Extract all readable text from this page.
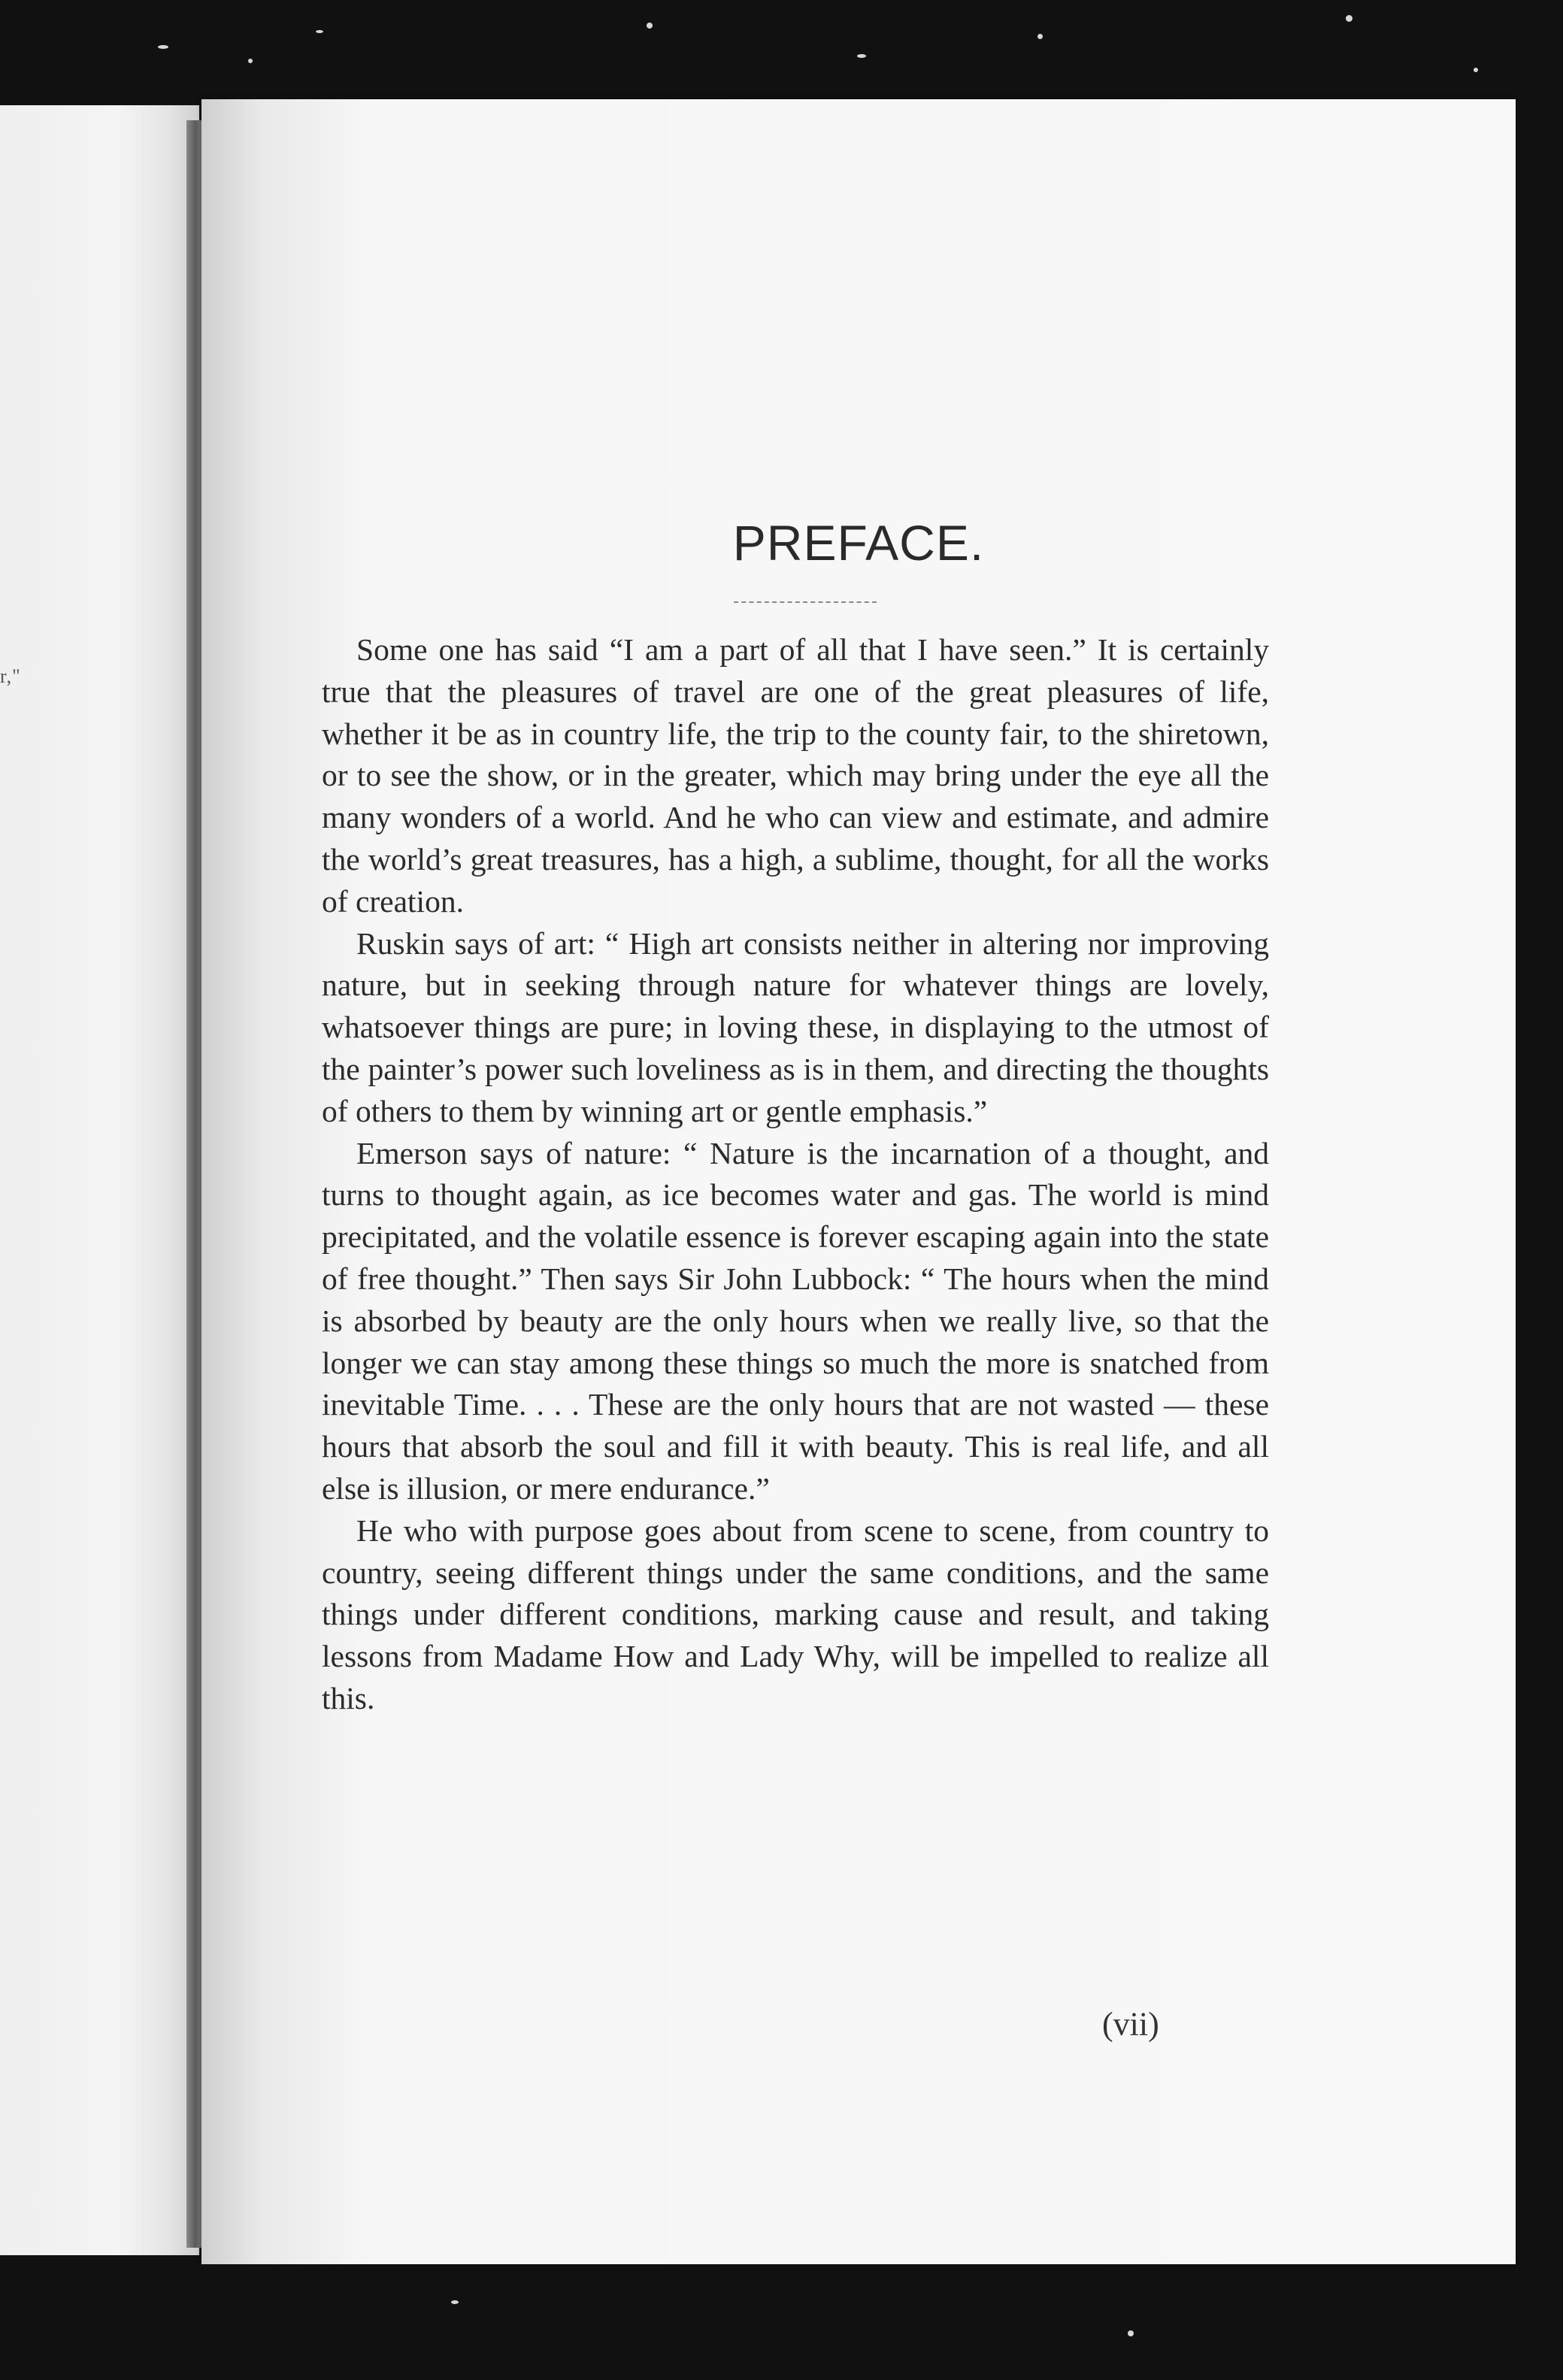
r,"
PREFACE.

Some one has said “I am a part of all that I have seen.” It is certainly true that the pleasures of travel are one of the great pleasures of life, whether it be as in country life, the trip to the county fair, to the shiretown, or to see the show, or in the greater, which may bring under the eye all the many wonders of a world. And he who can view and estimate, and admire the world’s great treasures, has a high, a sublime, thought, for all the works of creation.

Ruskin says of art: “ High art consists neither in altering nor improving nature, but in seeking through nature for whatever things are lovely, whatsoever things are pure; in loving these, in displaying to the utmost of the painter’s power such loveliness as is in them, and directing the thoughts of others to them by winning art or gentle emphasis.”

Emerson says of nature: “ Nature is the incarnation of a thought, and turns to thought again, as ice becomes water and gas. The world is mind precipitated, and the volatile essence is forever escaping again into the state of free thought.” Then says Sir John Lubbock: “ The hours when the mind is absorbed by beauty are the only hours when we really live, so that the longer we can stay among these things so much the more is snatched from inevitable Time. . . . These are the only hours that are not wasted — these hours that absorb the soul and fill it with beauty. This is real life, and all else is illusion, or mere endurance.”

He who with purpose goes about from scene to scene, from country to country, seeing different things under the same conditions, and the same things under different conditions, marking cause and result, and taking lessons from Madame How and Lady Why, will be impelled to realize all this.

(vii)
